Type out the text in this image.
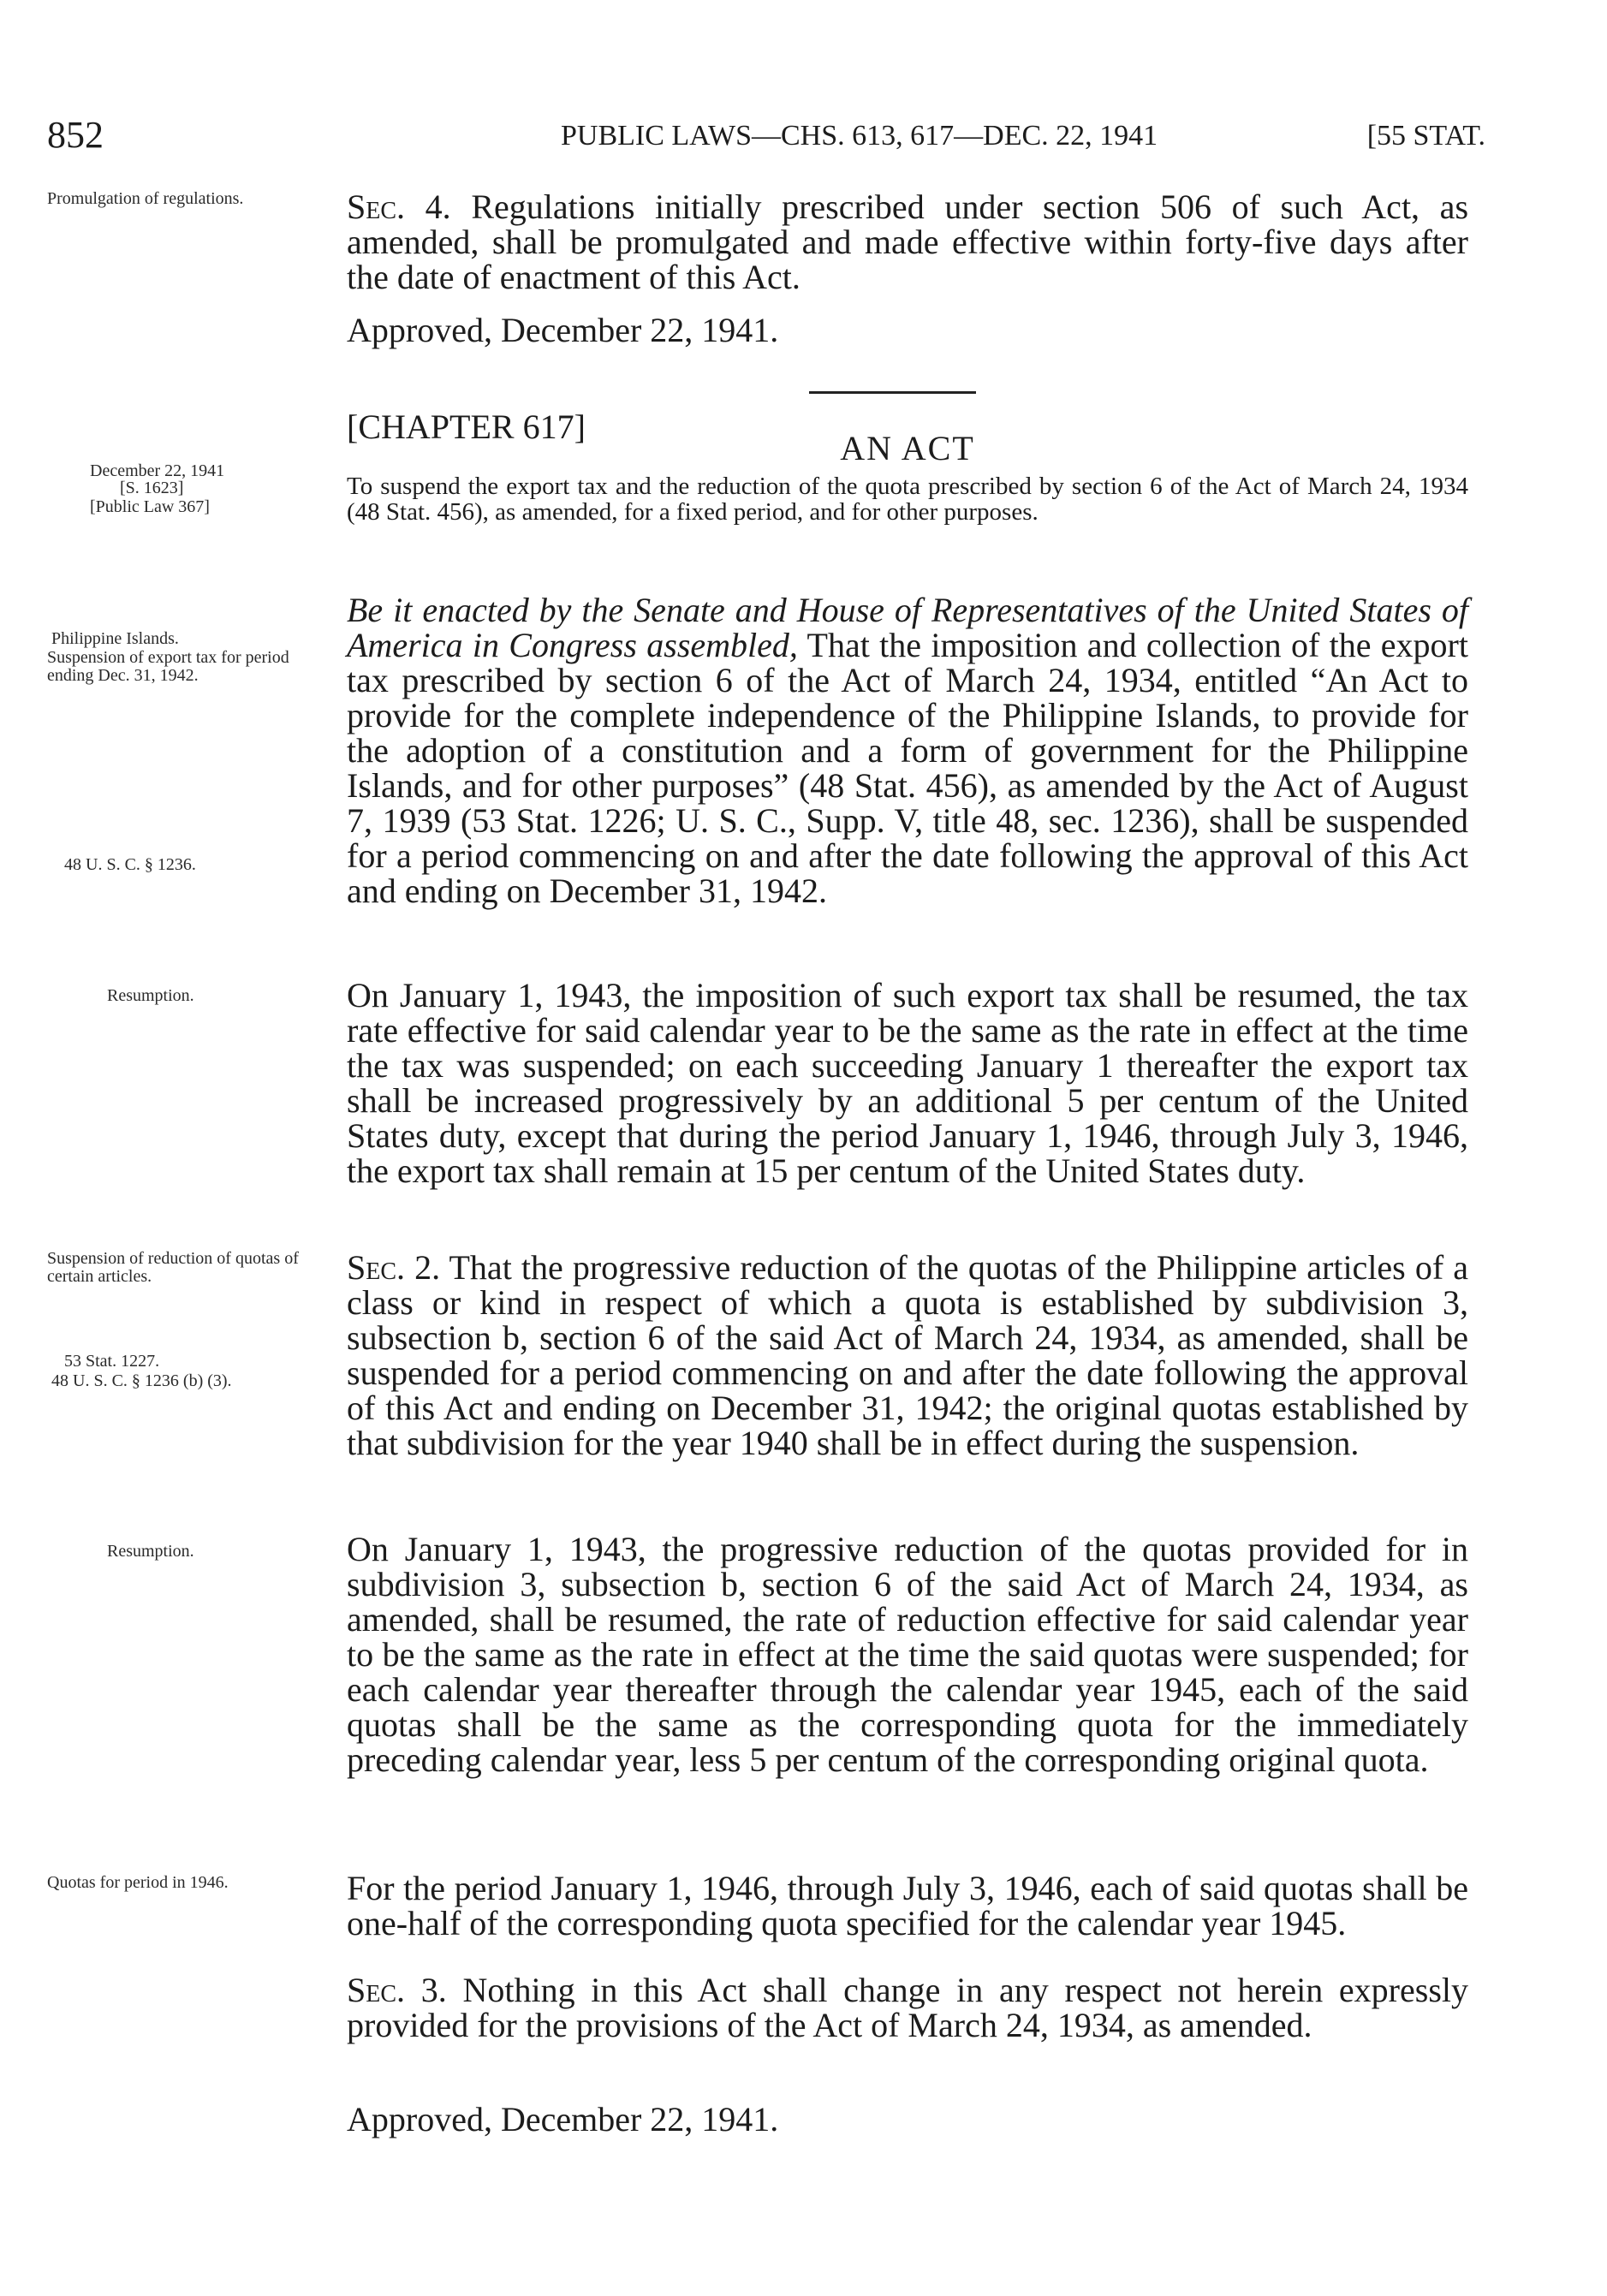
852	PUBLIC LAWS—CHS. 613, 617—DEC. 22, 1941	[55 STAT.

Promulgation of regulations.

December 22, 1941

[S. 1623]

[Public Law 367]

Philippine Islands.

Suspension of export tax for period ending Dec. 31, 1942.

48 U. S. C. § 1236.

Resumption.

Suspension of reduction of quotas of certain articles.

53 Stat. 1227.

48 U. S. C. § 1236 (b) (3).

Resumption.

Quotas for period in 1946.

Sec. 4. Regulations initially prescribed under section 506 of such Act, as amended, shall be promulgated and made effective within forty-five days after the date of enactment of this Act.

Approved, December 22, 1941.

[CHAPTER 617]

AN ACT

To suspend the export tax and the reduction of the quota prescribed by section 6 of the Act of March 24, 1934 (48 Stat. 456), as amended, for a fixed period, and for other purposes.

Be it enacted by the Senate and House of Representatives of the United States of America in Congress assembled, That the imposition and collection of the export tax prescribed by section 6 of the Act of March 24, 1934, entitled “An Act to provide for the complete independence of the Philippine Islands, to provide for the adoption of a constitution and a form of government for the Philippine Islands, and for other purposes” (48 Stat. 456), as amended by the Act of August 7, 1939 (53 Stat. 1226; U. S. C., Supp. V, title 48, sec. 1236), shall be suspended for a period commencing on and after the date following the approval of this Act and ending on December 31, 1942.

On January 1, 1943, the imposition of such export tax shall be resumed, the tax rate effective for said calendar year to be the same as the rate in effect at the time the tax was suspended; on each succeeding January 1 thereafter the export tax shall be increased progressively by an additional 5 per centum of the United States duty, except that during the period January 1, 1946, through July 3, 1946, the export tax shall remain at 15 per centum of the United States duty.

Sec. 2. That the progressive reduction of the quotas of the Philippine articles of a class or kind in respect of which a quota is established by subdivision 3, subsection b, section 6 of the said Act of March 24, 1934, as amended, shall be suspended for a period commencing on and after the date following the approval of this Act and ending on December 31, 1942; the original quotas established by that subdivision for the year 1940 shall be in effect during the suspension.

On January 1, 1943, the progressive reduction of the quotas provided for in subdivision 3, subsection b, section 6 of the said Act of March 24, 1934, as amended, shall be resumed, the rate of reduction effective for said calendar year to be the same as the rate in effect at the time the said quotas were suspended; for each calendar year thereafter through the calendar year 1945, each of the said quotas shall be the same as the corresponding quota for the immediately preceding calendar year, less 5 per centum of the corresponding original quota.

For the period January 1, 1946, through July 3, 1946, each of said quotas shall be one-half of the corresponding quota specified for the calendar year 1945.

Sec. 3. Nothing in this Act shall change in any respect not herein expressly provided for the provisions of the Act of March 24, 1934, as amended.

Approved, December 22, 1941.
